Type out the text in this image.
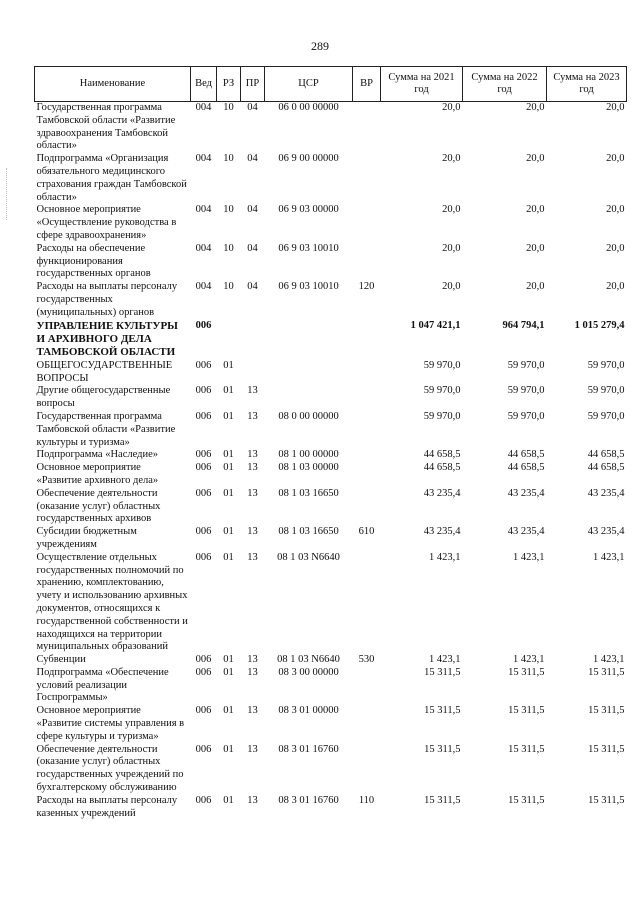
289
Наименование	Вед	РЗ	ПР	ЦСР	ВР	Сумма на 2021 год	Сумма на 2022 год	Сумма на 2023 год
Государственная программа Тамбовской области «Развитие здравоохранения Тамбовской области»	004	10	04	06 0 00 00000		20,0	20,0	20,0
Подпрограмма «Организация обязательного медицинского страхования граждан Тамбовской области»	004	10	04	06 9 00 00000		20,0	20,0	20,0
Основное мероприятие «Осуществление руководства в сфере здравоохранения»	004	10	04	06 9 03 00000		20,0	20,0	20,0
Расходы на обеспечение функционирования государственных органов	004	10	04	06 9 03 10010		20,0	20,0	20,0
Расходы на выплаты персоналу государственных (муниципальных) органов	004	10	04	06 9 03 10010	120	20,0	20,0	20,0
УПРАВЛЕНИЕ КУЛЬТУРЫ И АРХИВНОГО ДЕЛА ТАМБОВСКОЙ ОБЛАСТИ	006					1 047 421,1	964 794,1	1 015 279,4
ОБЩЕГОСУДАРСТВЕННЫЕ ВОПРОСЫ	006	01				59 970,0	59 970,0	59 970,0
Другие общегосударственные вопросы	006	01	13			59 970,0	59 970,0	59 970,0
Государственная программа Тамбовской области «Развитие культуры и туризма»	006	01	13	08 0 00 00000		59 970,0	59 970,0	59 970,0
Подпрограмма «Наследие»	006	01	13	08 1 00 00000		44 658,5	44 658,5	44 658,5
Основное мероприятие «Развитие архивного дела»	006	01	13	08 1 03 00000		44 658,5	44 658,5	44 658,5
Обеспечение деятельности (оказание услуг) областных государственных архивов	006	01	13	08 1 03 16650		43 235,4	43 235,4	43 235,4
Субсидии бюджетным учреждениям	006	01	13	08 1 03 16650	610	43 235,4	43 235,4	43 235,4
Осуществление отдельных государственных полномочий по хранению, комплектованию, учету и использованию архивных документов, относящихся к государственной собственности и находящихся на территории муниципальных образований	006	01	13	08 1 03 N6640		1 423,1	1 423,1	1 423,1
Субвенции	006	01	13	08 1 03 N6640	530	1 423,1	1 423,1	1 423,1
Подпрограмма «Обеспечение условий реализации Госпрограммы»	006	01	13	08 3 00 00000		15 311,5	15 311,5	15 311,5
Основное мероприятие «Развитие системы управления в сфере культуры и туризма»	006	01	13	08 3 01 00000		15 311,5	15 311,5	15 311,5
Обеспечение деятельности (оказание услуг) областных государственных учреждений по бухгалтерскому обслуживанию	006	01	13	08 3 01 16760		15 311,5	15 311,5	15 311,5
Расходы на выплаты персоналу казенных учреждений	006	01	13	08 3 01 16760	110	15 311,5	15 311,5	15 311,5
